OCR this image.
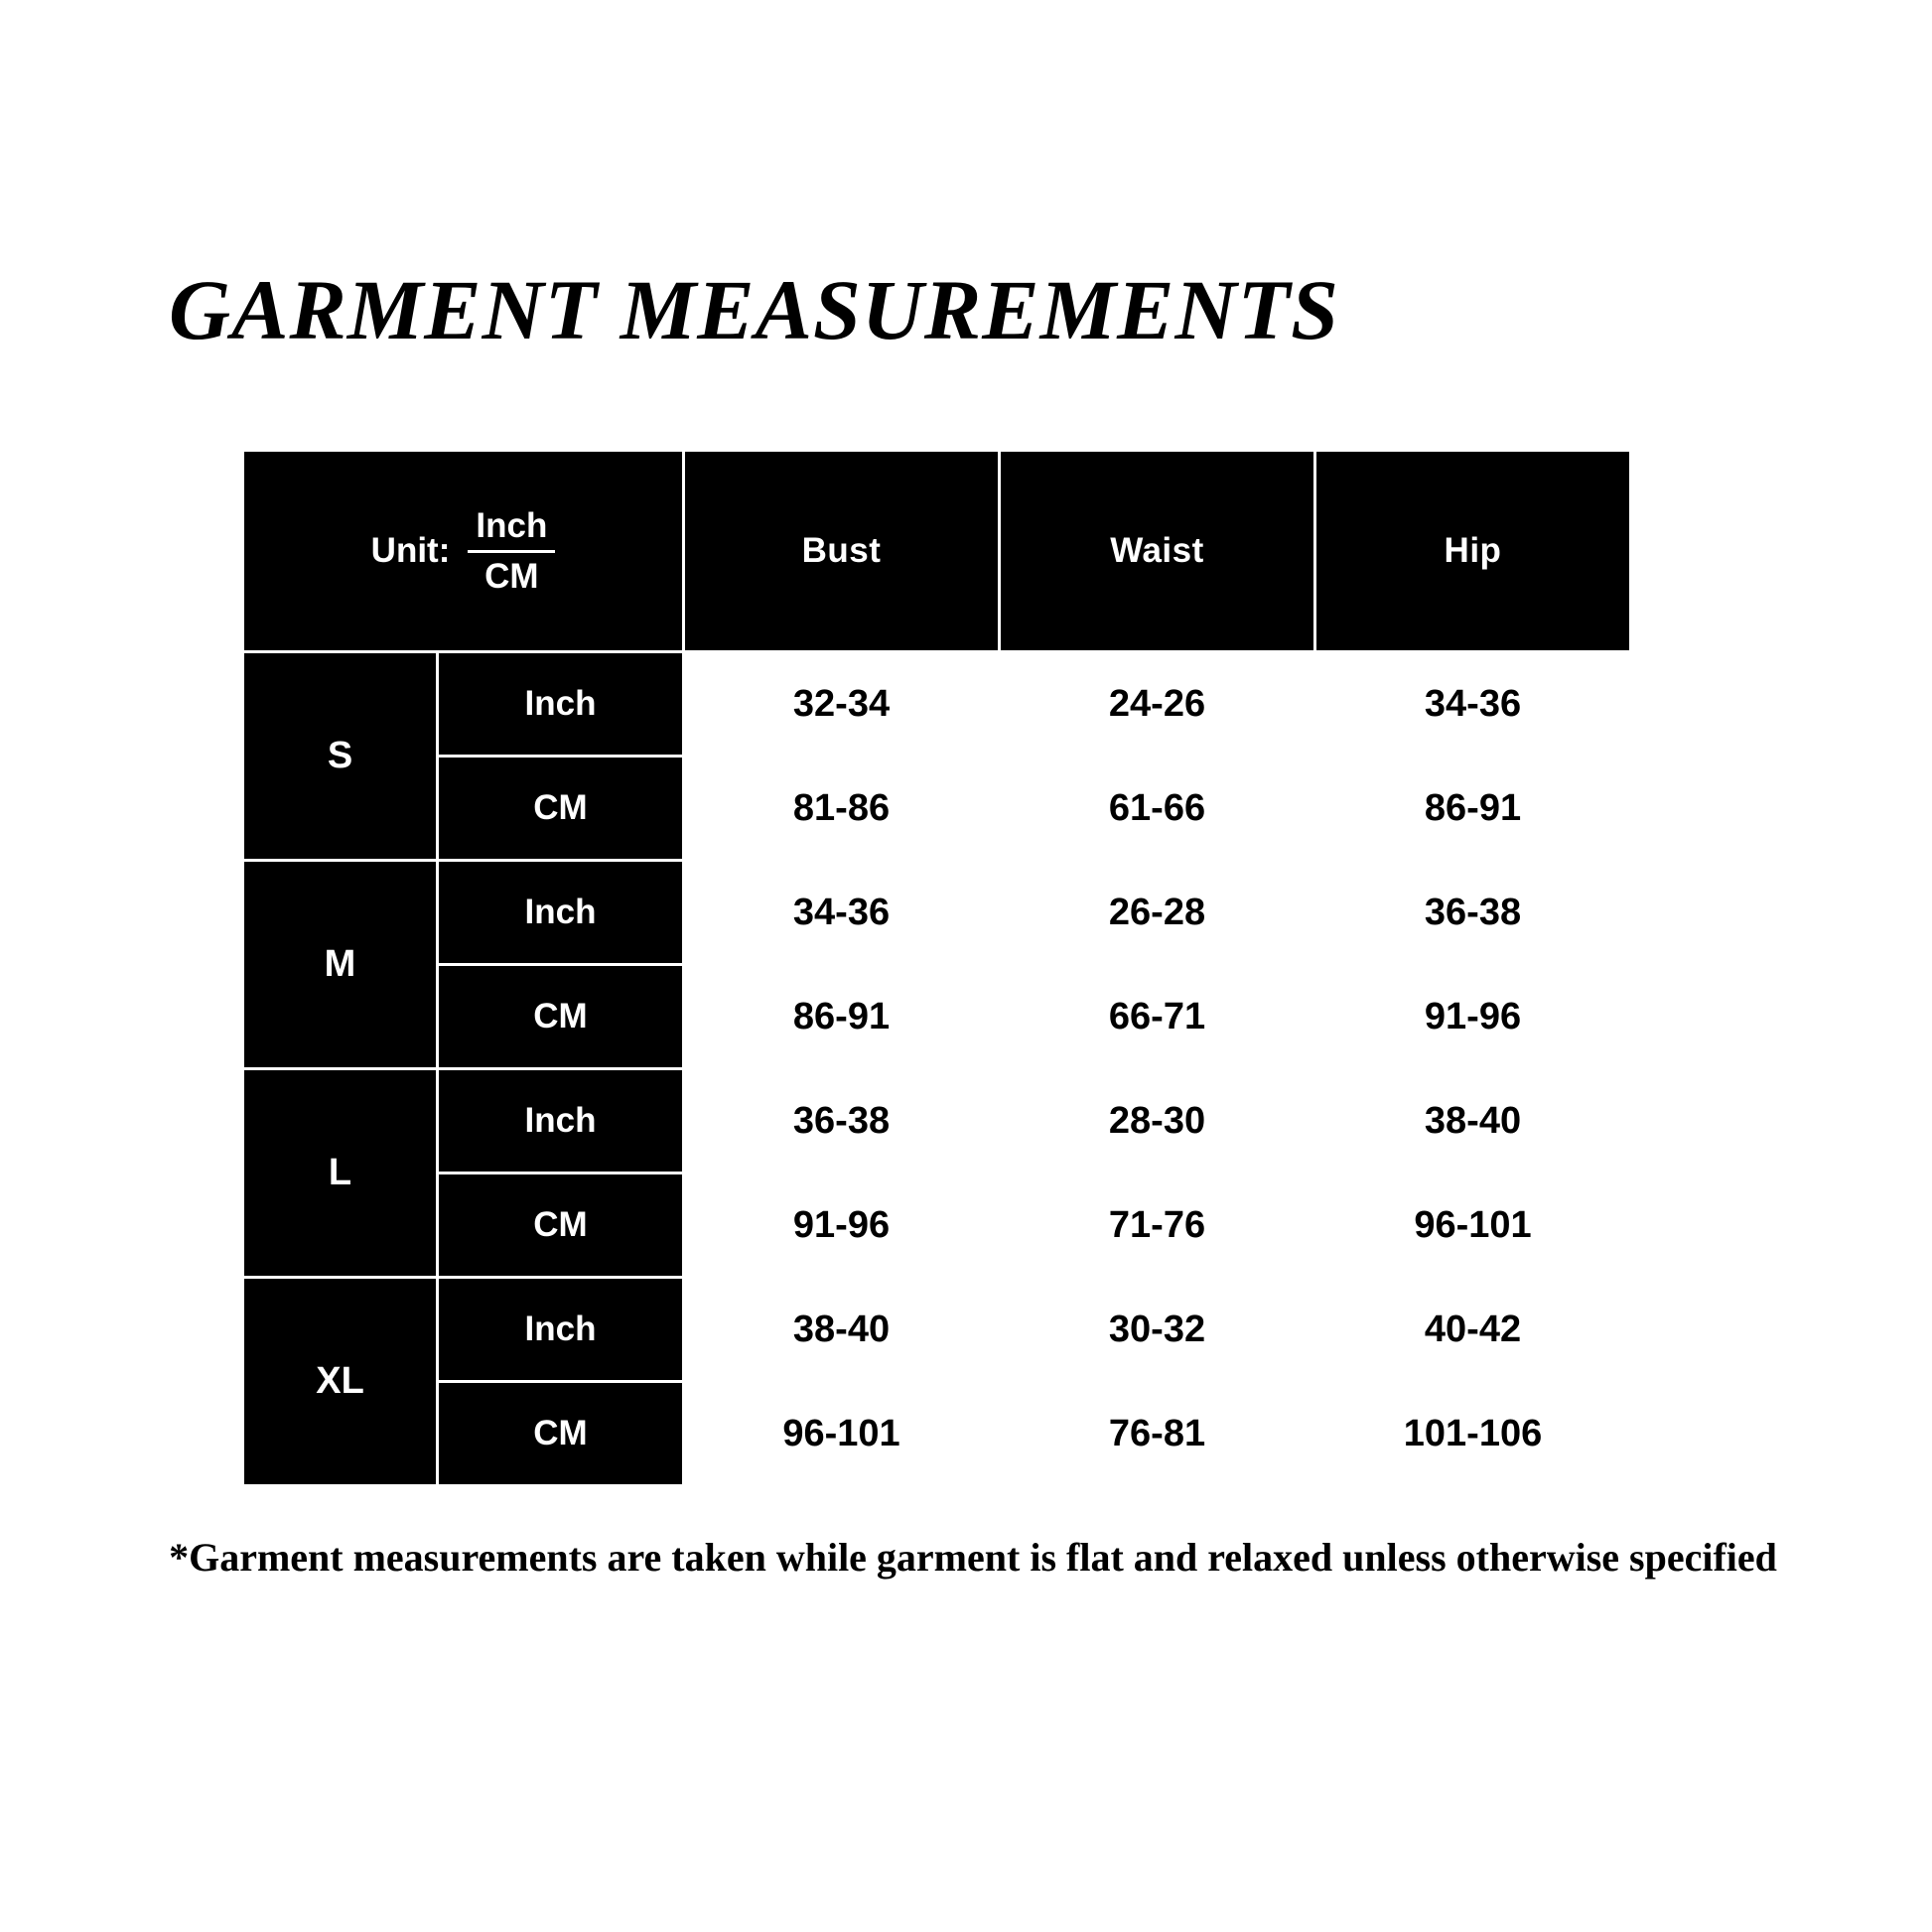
GARMENT MEASUREMENTS
Unit: $\frac{\text{Inch}}{CM}$		Bust	Waist	Hip
S	Inch	32-34	24-26	34-36
	CM	81-86	61-66	86-91
M	Inch	34-36	26-28	36-38
	CM	86-91	66-71	91-96
L	Inch	36-38	28-30	38-40
	CM	91-96	71-76	96-101
XL	Inch	38-40	30-32	40-42
	CM	96-101	76-81	101-106
*Garment measurements are taken while garment is flat and relaxed unless otherwise specified
